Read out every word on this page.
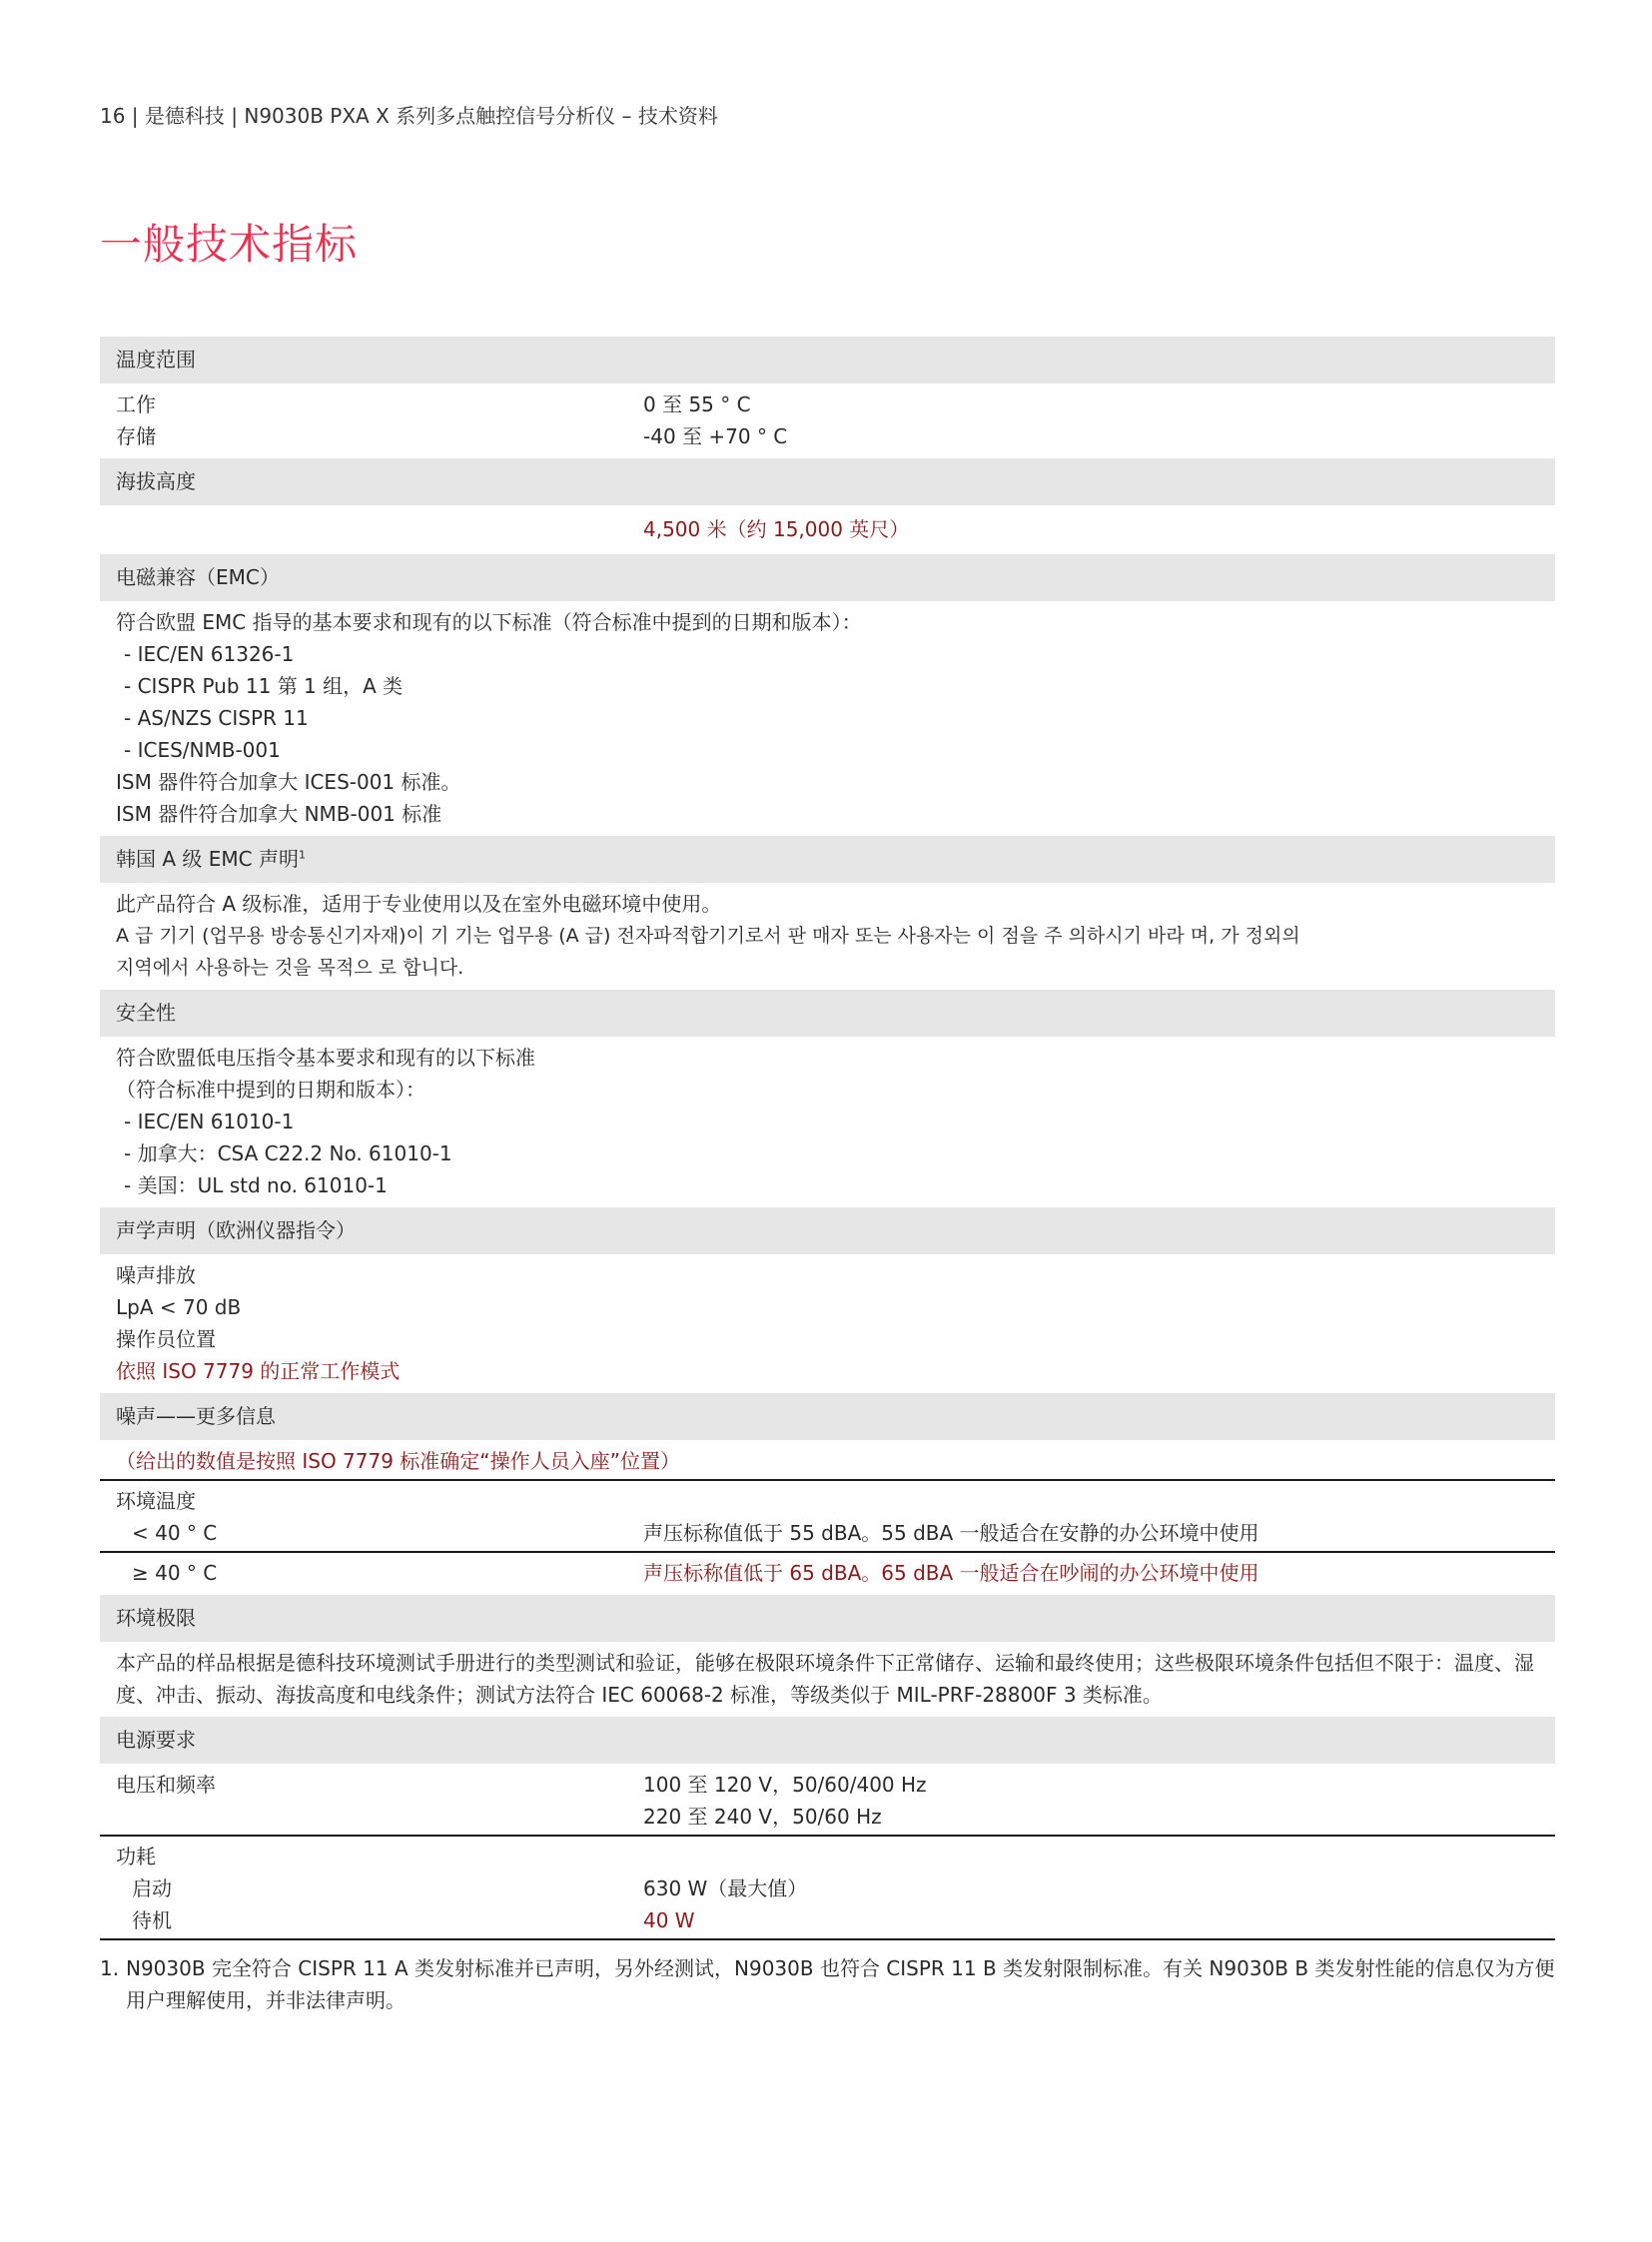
16 | 是德科技 | N9030B PXA X 系列多点触控信号分析仪 – 技术资料
一般技术指标
温度范围
工作	0 至 55 ° C
存储	-40 至 +70 ° C
海拔高度
4,500 米（约 15,000 英尺）
电磁兼容（EMC）
符合欧盟 EMC 指导的基本要求和现有的以下标准（符合标准中提到的日期和版本）：
- IEC/EN 61326-1
- CISPR Pub 11 第 1 组，A 类
- AS/NZS CISPR 11
- ICES/NMB-001
ISM 器件符合加拿大 ICES-001 标准。
ISM 器件符合加拿大 NMB-001 标准
韩国 A 级 EMC 声明$^1$
此产品符合 A 级标准，适用于专业使用以及在室外电磁环境中使用。
A 급 기기 (업무용 방송통신기자재)이 기 기는 업무용 (A 급) 전자파적합기기로서 판 매자 또는 사용자는 이 점을 주 의하시기 바라 며, 가 정외의
지역에서 사용하는 것을 목적으 로 합니다.
安全性
符合欧盟低电压指令基本要求和现有的以下标准
（符合标准中提到的日期和版本）：
- IEC/EN 61010-1
- 加拿大：CSA C22.2 No. 61010-1
- 美国：UL std no. 61010-1
声学声明（欧洲仪器指令）
噪声排放
LpA < 70 dB
操作员位置
依照 ISO 7779 的正常工作模式
噪声——更多信息
（给出的数值是按照 ISO 7779 标准确定“操作人员入座”位置）
环境温度
< 40 ° C	声压标称值低于 55 dBA。55 dBA 一般适合在安静的办公环境中使用
≥ 40 ° C	声压标称值低于 65 dBA。65 dBA 一般适合在吵闹的办公环境中使用
环境极限
本产品的样品根据是德科技环境测试手册进行的类型测试和验证，能够在极限环境条件下正常储存、运输和最终使用；这些极限环境条件包括但不限于：温度、湿度、冲击、振动、海拔高度和电线条件；测试方法符合 IEC 60068-2 标准，等级类似于 MIL-PRF-28800F 3 类标准。
电源要求
电压和频率	100 至 120 V，50/60/400 Hz
220 至 240 V，50/60 Hz
功耗
启动	630 W（最大值）
待机	40 W
1. N9030B 完全符合 CISPR 11 A 类发射标准并已声明，另外经测试，N9030B 也符合 CISPR 11 B 类发射限制标准。有关 N9030B B 类发射性能的信息仅为方便用户理解使用，并非法律声明。
